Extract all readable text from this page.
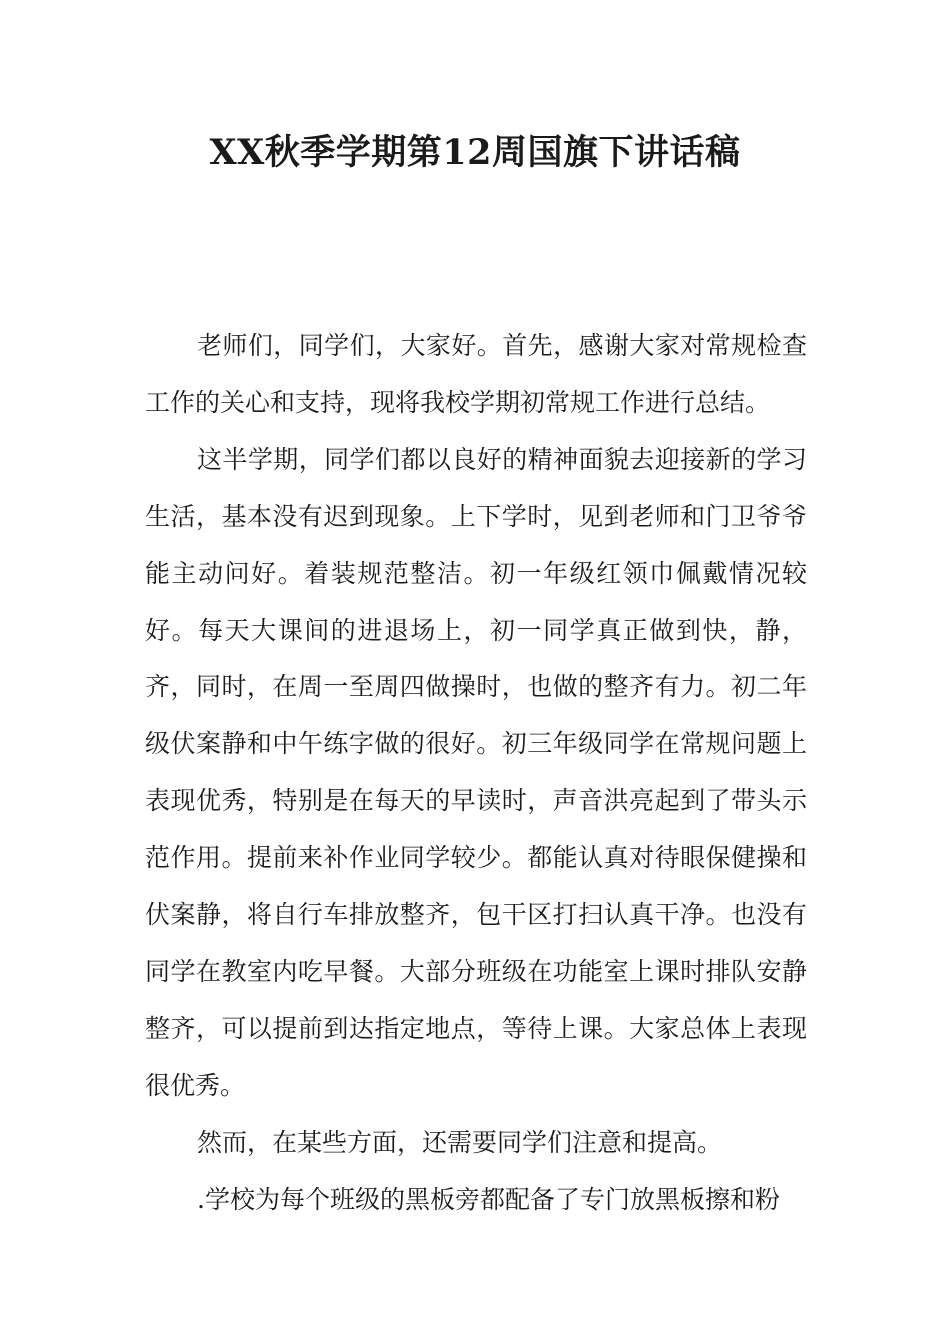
XX秋季学期第12周国旗下讲话稿

老师们，同学们，大家好。首先，感谢大家对常规检查工作的关心和支持，现将我校学期初常规工作进行总结。

这半学期，同学们都以良好的精神面貌去迎接新的学习生活，基本没有迟到现象。上下学时，见到老师和门卫爷爷能主动问好。着装规范整洁。初一年级红领巾佩戴情况较好。每天大课间的进退场上，初一同学真正做到快，静，齐，同时，在周一至周四做操时，也做的整齐有力。初二年级伏案静和中午练字做的很好。初三年级同学在常规问题上表现优秀，特别是在每天的早读时，声音洪亮起到了带头示范作用。提前来补作业同学较少。都能认真对待眼保健操和伏案静，将自行车排放整齐，包干区打扫认真干净。也没有同学在教室内吃早餐。大部分班级在功能室上课时排队安静整齐，可以提前到达指定地点，等待上课。大家总体上表现很优秀。

然而，在某些方面，还需要同学们注意和提高。

.学校为每个班级的黑板旁都配备了专门放黑板擦和粉
